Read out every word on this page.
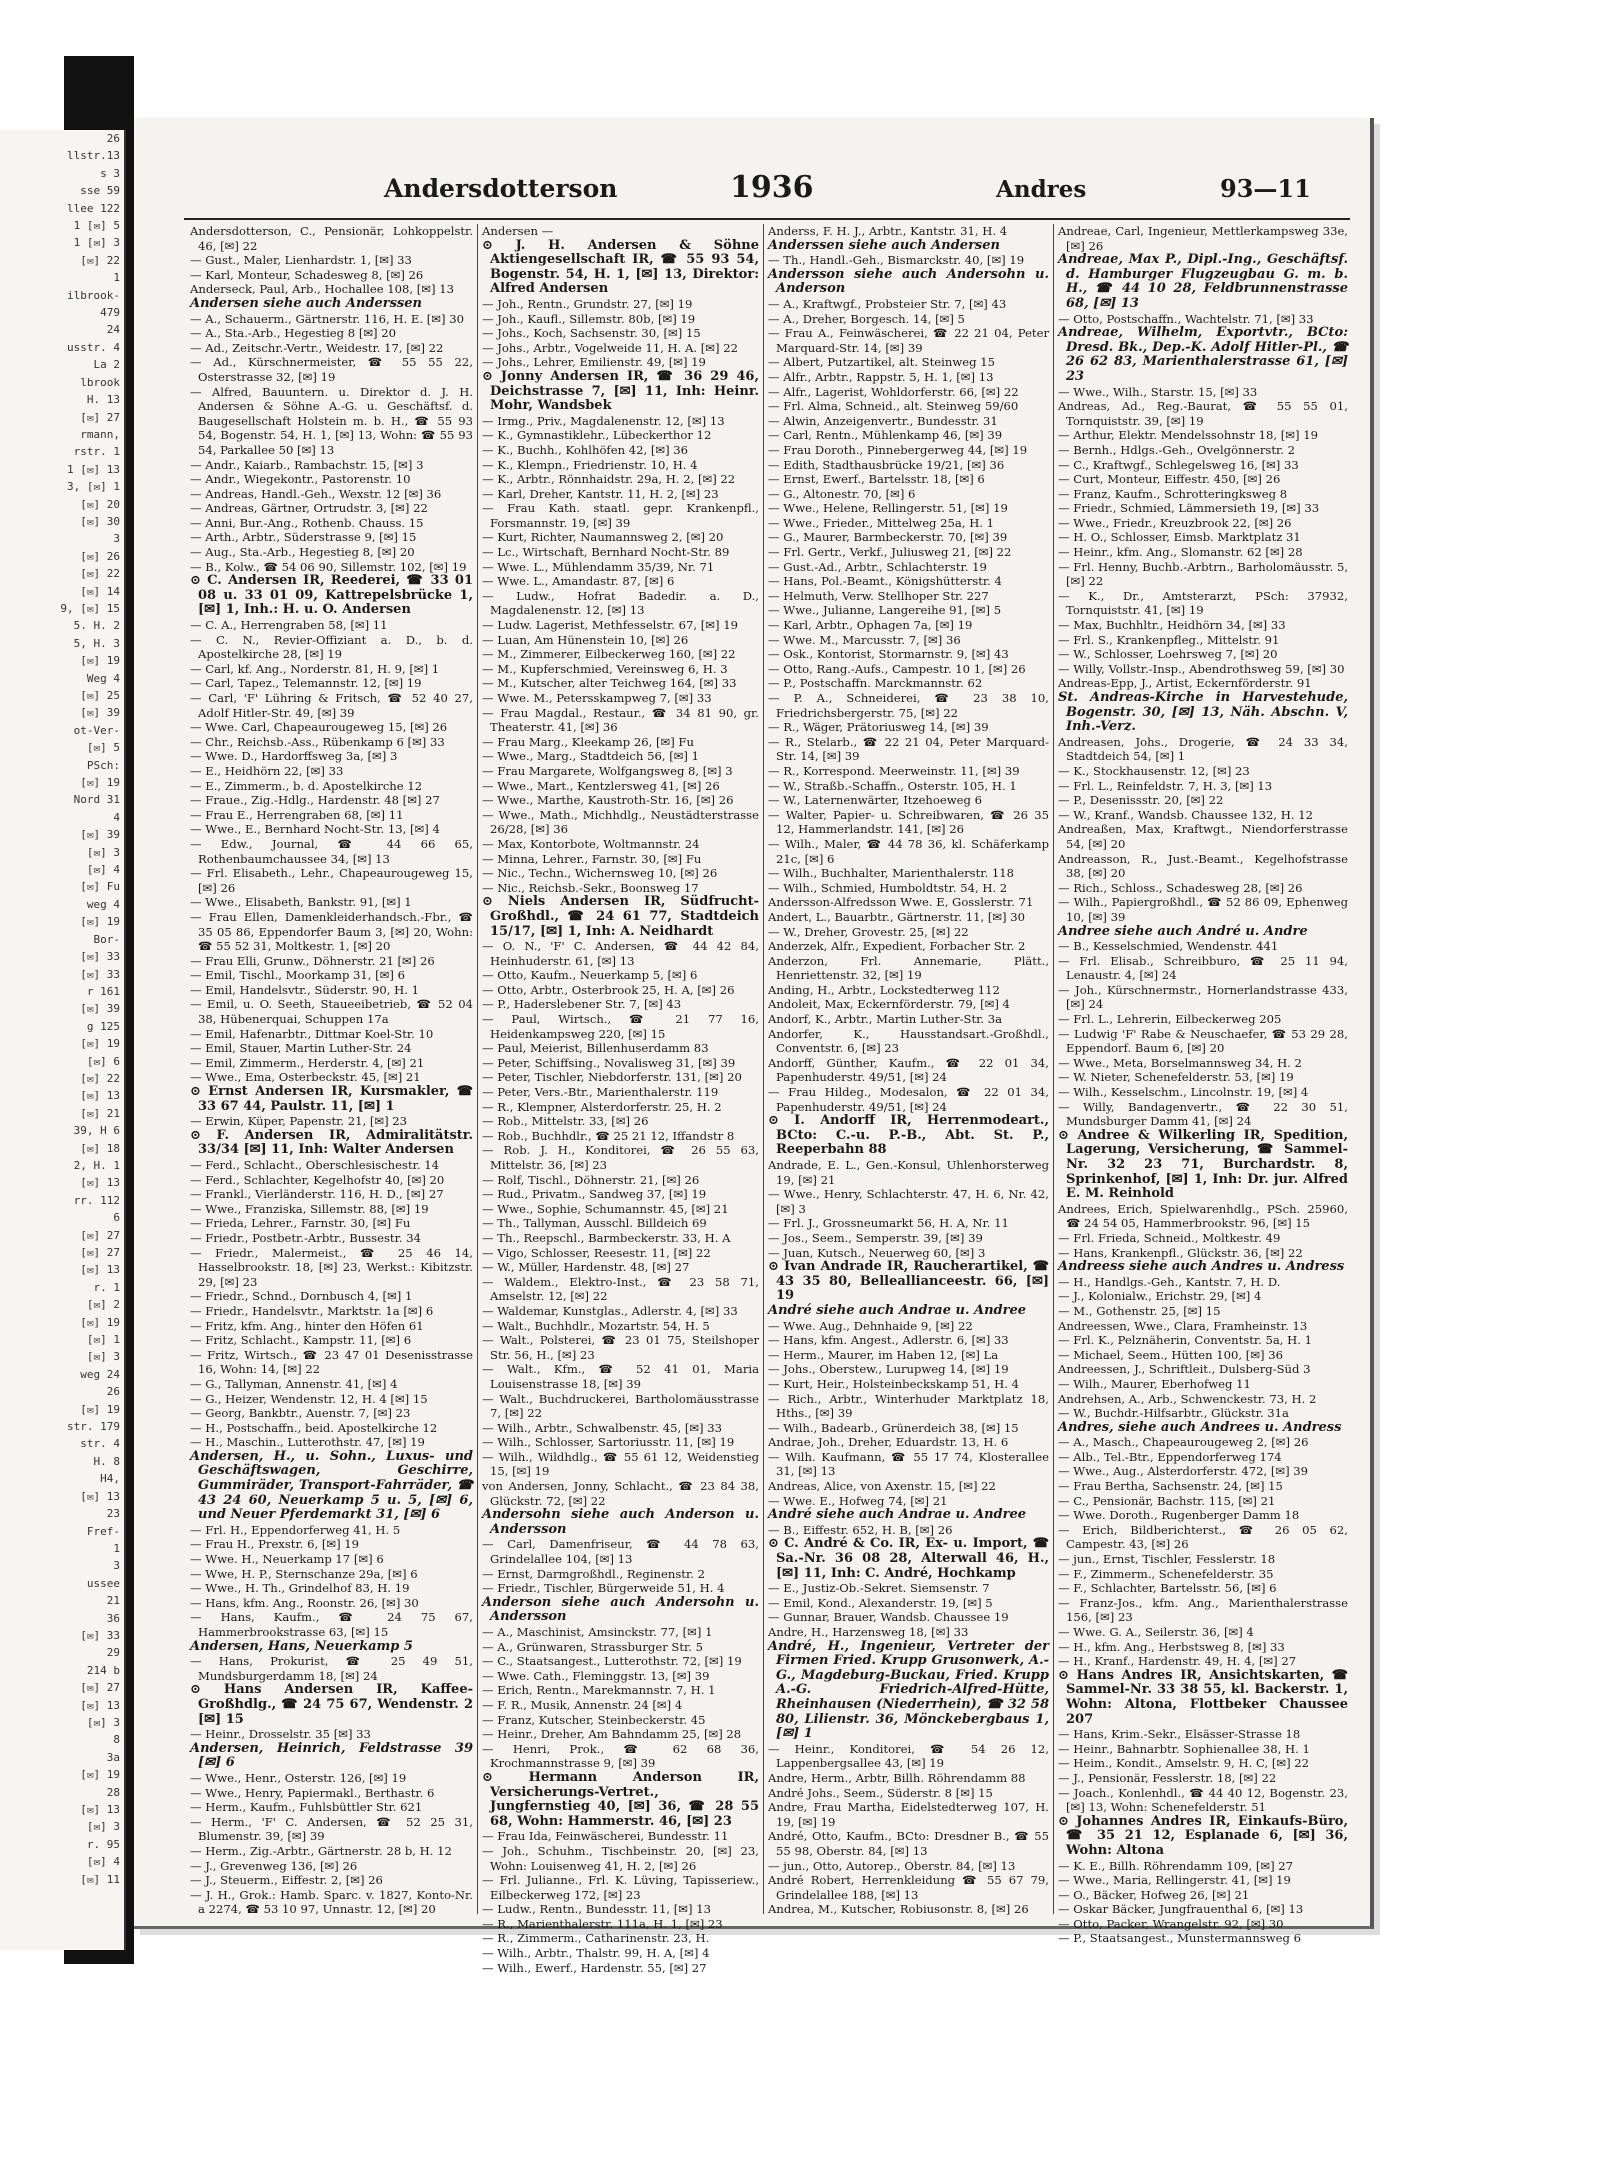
26
llstr.13
s 3
sse 59
llee 122
1 [✉] 5
1 [✉] 3
[✉] 22
1
ilbrook-
479
24
usstr. 4
La 2
lbrook
H. 13
[✉] 27
rmann,
rstr. 1
1 [✉] 13
3, [✉] 1
[✉] 20
[✉] 30
3
[✉] 26
[✉] 22
[✉] 14
9, [✉] 15
5. H. 2
5, H. 3
[✉] 19
Weg 4
[✉] 25
[✉] 39
ot-Ver-
[✉] 5
PSch:
[✉] 19
Nord 31
4
[✉] 39
[✉] 3
[✉] 4
[✉] Fu
weg 4
[✉] 19
Bor-
[✉] 33
[✉] 33
r 161
[✉] 39
g 125
[✉] 19
[✉] 6
[✉] 22
[✉] 13
[✉] 21
39, H 6
[✉] 18
2, H. 1
[✉] 13
rr. 112
6
[✉] 27
[✉] 27
[✉] 13
r. 1
[✉] 2
[✉] 19
[✉] 1
[✉] 3
weg 24
26
[✉] 19
str. 179
str. 4
H. 8
H4,
[✉] 13
23
Fref-
1
3
ussee
21
36
[✉] 33
29
214 b
[✉] 27
[✉] 13
[✉] 3
8
3a
[✉] 19
28
[✉] 13
[✉] 3
r. 95
[✉] 4
[✉] 11
Andersdotterson	1936	Andres	93—11
Andersdotterson, C., Pensionär, Lohkoppelstr. 46, [✉] 22
— Gust., Maler, Lienhardstr. 1, [✉] 33
— Karl, Monteur, Schadesweg 8, [✉] 26
Anderseck, Paul, Arb., Hochallee 108, [✉] 13
Andersen siehe auch Anderssen
— A., Schauerm., Gärtnerstr. 116, H. E. [✉] 30
— A., Sta.-Arb., Hegestieg 8 [✉] 20
— Ad., Zeitschr.-Vertr., Weidestr. 17, [✉] 22
— Ad., Kürschnermeister, ☎ 55 55 22, Osterstrasse 32, [✉] 19
— Alfred, Bauuntern. u. Direktor d. J. H. Andersen & Söhne A.-G. u. Geschäftsf. d. Baugesellschaft Holstein m. b. H., ☎ 55 93 54, Bogenstr. 54, H. 1, [✉] 13, Wohn: ☎ 55 93 54, Parkallee 50 [✉] 13
— Andr., Kaiarb., Rambachstr. 15, [✉] 3
— Andr., Wiegekontr., Pastorenstr. 10
— Andreas, Handl.-Geh., Wexstr. 12 [✉] 36
— Andreas, Gärtner, Ortrudstr. 3, [✉] 22
— Anni, Bur.-Ang., Rothenb. Chauss. 15
— Arth., Arbtr., Süderstrasse 9, [✉] 15
— Aug., Sta.-Arb., Hegestieg 8, [✉] 20
— B., Kolw., ☎ 54 06 90, Sillemstr. 102, [✉] 19
⊙ C. Andersen IR, Reederei, ☎ 33 01 08 u. 33 01 09, Kattrepelsbrücke 1, [✉] 1, Inh.: H. u. O. Andersen
— C. A., Herrengraben 58, [✉] 11
— C. N., Revier-Offiziant a. D., b. d. Apostelkirche 28, [✉] 19
— Carl, kf. Ang., Norderstr. 81, H. 9, [✉] 1
— Carl, Tapez., Telemannstr. 12, [✉] 19
— Carl, 'F' Lühring & Fritsch, ☎ 52 40 27, Adolf Hitler-Str. 49, [✉] 39
— Wwe. Carl, Chapeaurougeweg 15, [✉] 26
— Chr., Reichsb.-Ass., Rübenkamp 6 [✉] 33
— Wwe. D., Hardorffsweg 3a, [✉] 3
— E., Heidhörn 22, [✉] 33
— E., Zimmerm., b. d. Apostelkirche 12
— Fraue., Zig.-Hdlg., Hardenstr. 48 [✉] 27
— Frau E., Herrengraben 68, [✉] 11
— Wwe., E., Bernhard Nocht-Str. 13, [✉] 4
— Edw., Journal, ☎ 44 66 65, Rothenbaumchaussee 34, [✉] 13
— Frl. Elisabeth., Lehr., Chapeaurougeweg 15, [✉] 26
— Wwe., Elisabeth, Bankstr. 91, [✉] 1
— Frau Ellen, Damenkleiderhandsch.-Fbr., ☎ 35 05 86, Eppendorfer Baum 3, [✉] 20, Wohn: ☎ 55 52 31, Moltkestr. 1, [✉] 20
— Frau Elli, Grunw., Döhnerstr. 21 [✉] 26
— Emil, Tischl., Moorkamp 31, [✉] 6
— Emil, Handelsvtr., Süderstr. 90, H. 1
— Emil, u. O. Seeth, Staueeibetrieb, ☎ 52 04 38, Hübenerquai, Schuppen 17a
— Emil, Hafenarbtr., Dittmar Koel-Str. 10
— Emil, Stauer, Martin Luther-Str. 24
— Emil, Zimmerm., Herderstr. 4, [✉] 21
— Wwe., Ema, Osterbeckstr. 45, [✉] 21
⊙ Ernst Andersen IR, Kursmakler, ☎ 33 67 44, Paulstr. 11, [✉] 1
— Erwin, Küper, Papenstr. 21, [✉] 23
⊙ F. Andersen IR, Admiralitätstr. 33/34 [✉] 11, Inh: Walter Andersen
— Ferd., Schlacht., Oberschlesischestr. 14
— Ferd., Schlachter, Kegelhofstr 40, [✉] 20
— Frankl., Vierländerstr. 116, H. D., [✉] 27
— Wwe., Franziska, Sillemstr. 88, [✉] 19
— Frieda, Lehrer., Farnstr. 30, [✉] Fu
— Friedr., Postbetr.-Arbtr., Bussestr. 34
— Friedr., Malermeist., ☎ 25 46 14, Hasselbrookstr. 18, [✉] 23, Werkst.: Kibitzstr. 29, [✉] 23
— Friedr., Schnd., Dornbusch 4, [✉] 1
— Friedr., Handelsvtr., Marktstr. 1a [✉] 6
— Fritz, kfm. Ang., hinter den Höfen 61
— Fritz, Schlacht., Kampstr. 11, [✉] 6
— Fritz, Wirtsch., ☎ 23 47 01 Desenisstrasse 16, Wohn: 14, [✉] 22
— G., Tallyman, Annenstr. 41, [✉] 4
— G., Heizer, Wendenstr. 12, H. 4 [✉] 15
— Georg, Bankbtr., Auenstr. 7, [✉] 23
— H., Postschaffn., beid. Apostelkirche 12
— H., Maschin., Lutterothstr. 47, [✉] 19
Andersen, H., u. Sohn., Luxus- und Geschäftswagen, Geschirre, Gummiräder, Transport-Fahrräder, ☎ 43 24 60, Neuerkamp 5 u. 5, [✉] 6, und Neuer Pferdemarkt 31, [✉] 6
— Frl. H., Eppendorferweg 41, H. 5
— Frau H., Prexstr. 6, [✉] 19
— Wwe. H., Neuerkamp 17 [✉] 6
— Wwe, H. P., Sternschanze 29a, [✉] 6
— Wwe., H. Th., Grindelhof 83, H. 19
— Hans, kfm. Ang., Roonstr. 26, [✉] 30
— Hans, Kaufm., ☎ 24 75 67, Hammerbrookstrasse 63, [✉] 15
Andersen, Hans, Neuerkamp 5
— Hans, Prokurist, ☎ 25 49 51, Mundsburgerdamm 18, [✉] 24
⊙ Hans Andersen IR, Kaffee-Großhdlg., ☎ 24 75 67, Wendenstr. 2 [✉] 15
— Heinr., Drosselstr. 35 [✉] 33
Andersen, Heinrich, Feldstrasse 39 [✉] 6
— Wwe., Henr., Osterstr. 126, [✉] 19
— Wwe., Henry, Papiermakl., Berthastr. 6
— Herm., Kaufm., Fuhlsbüttler Str. 621
— Herm., 'F' C. Andersen, ☎ 52 25 31, Blumenstr. 39, [✉] 39
— Herm., Zig.-Arbtr., Gärtnerstr. 28 b, H. 12
— J., Grevenweg 136, [✉] 26
— J., Steuerm., Eiffestr. 2, [✉] 26
— J. H., Grok.: Hamb. Sparc. v. 1827, Konto-Nr. a 2274, ☎ 53 10 97, Unnastr. 12, [✉] 20
Andersen —
⊙ J. H. Andersen & Söhne Aktiengesellschaft IR, ☎ 55 93 54, Bogenstr. 54, H. 1, [✉] 13, Direktor: Alfred Andersen
— Joh., Rentn., Grundstr. 27, [✉] 19
— Joh., Kaufl., Sillemstr. 80b, [✉] 19
— Johs., Koch, Sachsenstr. 30, [✉] 15
— Johs., Arbtr., Vogelweide 11, H. A. [✉] 22
— Johs., Lehrer, Emilienstr. 49, [✉] 19
⊙ Jonny Andersen IR, ☎ 36 29 46, Deichstrasse 7, [✉] 11, Inh: Heinr. Mohr, Wandsbek
— Irmg., Priv., Magdalenenstr. 12, [✉] 13
— K., Gymnastiklehr., Lübeckerthor 12
— K., Buchh., Kohlhöfen 42, [✉] 36
— K., Klempn., Friedrienstr. 10, H. 4
— K., Arbtr., Rönnhaidstr. 29a, H. 2, [✉] 22
— Karl, Dreher, Kantstr. 11, H. 2, [✉] 23
— Frau Kath. staatl. gepr. Krankenpfl., Forsmannstr. 19, [✉] 39
— Kurt, Richter, Naumannsweg 2, [✉] 20
— Lc., Wirtschaft, Bernhard Nocht-Str. 89
— Wwe. L., Mühlendamm 35/39, Nr. 71
— Wwe. L., Amandastr. 87, [✉] 6
— Ludw., Hofrat Badedir. a. D., Magdalenenstr. 12, [✉] 13
— Ludw. Lagerist, Methfesselstr. 67, [✉] 19
— Luan, Am Hünenstein 10, [✉] 26
— M., Zimmerer, Eilbeckerweg 160, [✉] 22
— M., Kupferschmied, Vereinsweg 6, H. 3
— M., Kutscher, alter Teichweg 164, [✉] 33
— Wwe. M., Petersskampweg 7, [✉] 33
— Frau Magdal., Restaur., ☎ 34 81 90, gr. Theaterstr. 41, [✉] 36
— Frau Marg., Kleekamp 26, [✉] Fu
— Wwe., Marg., Stadtdeich 56, [✉] 1
— Frau Margarete, Wolfgangsweg 8, [✉] 3
— Wwe., Mart., Kentzlersweg 41, [✉] 26
— Wwe., Marthe, Kaustroth-Str. 16, [✉] 26
— Wwe., Math., Michhdlg., Neustädterstrasse 26/28, [✉] 36
— Max, Kontorbote, Woltmannstr. 24
— Minna, Lehrer., Farnstr. 30, [✉] Fu
— Nic., Techn., Wichernsweg 10, [✉] 26
— Nic., Reichsb.-Sekr., Boonsweg 17
⊙ Niels Andersen IR, Südfrucht-Großhdl., ☎ 24 61 77, Stadtdeich 15/17, [✉] 1, Inh: A. Neidhardt
— O. N., 'F' C. Andersen, ☎ 44 42 84, Heinhuderstr. 61, [✉] 13
— Otto, Kaufm., Neuerkamp 5, [✉] 6
— Otto, Arbtr., Osterbrook 25, H. A, [✉] 26
— P., Haderslebener Str. 7, [✉] 43
— Paul, Wirtsch., ☎ 21 77 16, Heidenkampsweg 220, [✉] 15
— Paul, Meierist, Billenhuserdamm 83
— Peter, Schiffsing., Novalisweg 31, [✉] 39
— Peter, Tischler, Niebdorferstr. 131, [✉] 20
— Peter, Vers.-Btr., Marienthalerstr. 119
— R., Klempner, Alsterdorferstr. 25, H. 2
— Rob., Mittelstr. 33, [✉] 26
— Rob., Buchhdlr., ☎ 25 21 12, Iffandstr 8
— Rob. J. H., Konditorei, ☎ 26 55 63, Mittelstr. 36, [✉] 23
— Rolf, Tischl., Döhnerstr. 21, [✉] 26
— Rud., Privatm., Sandweg 37, [✉] 19
— Wwe., Sophie, Schumannstr. 45, [✉] 21
— Th., Tallyman, Ausschl. Billdeich 69
— Th., Reepschl., Barmbeckerstr. 33, H. A
— Vigo, Schlosser, Reesestr. 11, [✉] 22
— W., Müller, Hardenstr. 48, [✉] 27
— Waldem., Elektro-Inst., ☎ 23 58 71, Amselstr. 12, [✉] 22
— Waldemar, Kunstglas., Adlerstr. 4, [✉] 33
— Walt., Buchhdlr., Mozartstr. 54, H. 5
— Walt., Polsterei, ☎ 23 01 75, Steilshoper Str. 56, H., [✉] 23
— Walt., Kfm., ☎ 52 41 01, Maria Louisenstrasse 18, [✉] 39
— Walt., Buchdruckerei, Bartholomäusstrasse 7, [✉] 22
— Wilh., Arbtr., Schwalbenstr. 45, [✉] 33
— Wilh., Schlosser, Sartoriusstr. 11, [✉] 19
— Wilh., Wildhdlg., ☎ 55 61 12, Weidenstieg 15, [✉] 19
von Andersen, Jonny, Schlacht., ☎ 23 84 38, Glückstr. 72, [✉] 22
Andersohn siehe auch Anderson u. Andersson
— Carl, Damenfriseur, ☎ 44 78 63, Grindelallee 104, [✉] 13
— Ernst, Darmgroßhdl., Reginenstr. 2
— Friedr., Tischler, Bürgerweide 51, H. 4
Anderson siehe auch Andersohn u. Andersson
— A., Maschinist, Amsinckstr. 77, [✉] 1
— A., Grünwaren, Strassburger Str. 5
— C., Staatsangest., Lutterothstr. 72, [✉] 19
— Wwe. Cath., Fleminggstr. 13, [✉] 39
— Erich, Rentn., Marekmannstr. 7, H. 1
— F. R., Musik, Annenstr. 24 [✉] 4
— Franz, Kutscher, Steinbeckerstr. 45
— Heinr., Dreher, Am Bahndamm 25, [✉] 28
— Henri, Prok., ☎ 62 68 36, Krochmannstrasse 9, [✉] 39
⊙ Hermann Anderson IR, Versicherungs-Vertret., Jungfernstieg 40, [✉] 36, ☎ 28 55 68, Wohn: Hammerstr. 46, [✉] 23
— Frau Ida, Feinwäscherei, Bundesstr. 11
— Joh., Schuhm., Tischbeinstr. 20, [✉] 23, Wohn: Louisenweg 41, H. 2, [✉] 26
— Frl. Julianne., Frl. K. Lüving, Tapisseriew., Eilbeckerweg 172, [✉] 23
— Ludw., Rentn., Bundesstr. 11, [✉] 13
— R., Marienthalerstr. 111a, H. 1, [✉] 23
— R., Zimmerm., Catharinenstr. 23, H.
— Wilh., Arbtr., Thalstr. 99, H. A, [✉] 4
— Wilh., Ewerf., Hardenstr. 55, [✉] 27
Anderss, F. H. J., Arbtr., Kantstr. 31, H. 4
Anderssen siehe auch Andersen
— Th., Handl.-Geh., Bismarckstr. 40, [✉] 19
Andersson siehe auch Andersohn u. Anderson
— A., Kraftwgf., Probsteier Str. 7, [✉] 43
— A., Dreher, Borgesch. 14, [✉] 5
— Frau A., Feinwäscherei, ☎ 22 21 04, Peter Marquard-Str. 14, [✉] 39
— Albert, Putzartikel, alt. Steinweg 15
— Alfr., Arbtr., Rappstr. 5, H. 1, [✉] 13
— Alfr., Lagerist, Wohldorferstr. 66, [✉] 22
— Frl. Alma, Schneid., alt. Steinweg 59/60
— Alwin, Anzeigenvertr., Bundesstr. 31
— Carl, Rentn., Mühlenkamp 46, [✉] 39
— Frau Doroth., Pinnebergerweg 44, [✉] 19
— Edith, Stadthausbrücke 19/21, [✉] 36
— Ernst, Ewerf., Bartelsstr. 18, [✉] 6
— G., Altonestr. 70, [✉] 6
— Wwe., Helene, Rellingerstr. 51, [✉] 19
— Wwe., Frieder., Mittelweg 25a, H. 1
— G., Maurer, Barmbeckerstr. 70, [✉] 39
— Frl. Gertr., Verkf., Juliusweg 21, [✉] 22
— Gust.-Ad., Arbtr., Schlachterstr. 19
— Hans, Pol.-Beamt., Königshütterstr. 4
— Helmuth, Verw. Stellhoper Str. 227
— Wwe., Julianne, Langereihe 91, [✉] 5
— Karl, Arbtr., Ophagen 7a, [✉] 19
— Wwe. M., Marcusstr. 7, [✉] 36
— Osk., Kontorist, Stormarnstr. 9, [✉] 43
— Otto, Rang.-Aufs., Campestr. 10 1, [✉] 26
— P., Postschaffn. Marckmannstr. 62
— P. A., Schneiderei, ☎ 23 38 10, Friedrichsbergerstr. 75, [✉] 22
— R., Wäger, Prätoriusweg 14, [✉] 39
— R., Stelarb., ☎ 22 21 04, Peter Marquard-Str. 14, [✉] 39
— R., Korrespond. Meerweinstr. 11, [✉] 39
— W., Straßb.-Schaffn., Osterstr. 105, H. 1
— W., Laternenwärter, Itzehoeweg 6
— Walter, Papier- u. Schreibwaren, ☎ 26 35 12, Hammerlandstr. 141, [✉] 26
— Wilh., Maler, ☎ 44 78 36, kl. Schäferkamp 21c, [✉] 6
— Wilh., Buchhalter, Marienthalerstr. 118
— Wilh., Schmied, Humboldtstr. 54, H. 2
Andersson-Alfredsson Wwe. E, Gosslerstr. 71
Andert, L., Bauarbtr., Gärtnerstr. 11, [✉] 30
— W., Dreher, Grovestr. 25, [✉] 22
Anderzek, Alfr., Expedient, Forbacher Str. 2
Anderzon, Frl. Annemarie, Plätt., Henriettenstr. 32, [✉] 19
Anding, H., Arbtr., Lockstedterweg 112
Andoleit, Max, Eckernförderstr. 79, [✉] 4
Andorf, K., Arbtr., Martin Luther-Str. 3a
Andorfer, K., Hausstandsart.-Großhdl., Conventstr. 6, [✉] 23
Andorff, Günther, Kaufm., ☎ 22 01 34, Papenhuderstr. 49/51, [✉] 24
— Frau Hildeg., Modesalon, ☎ 22 01 34, Papenhuderstr. 49/51, [✉] 24
⊙ I. Andorff IR, Herrenmodeart., BCto: C.-u. P.-B., Abt. St. P., Reeperbahn 88
Andrade, E. L., Gen.-Konsul, Uhlenhorsterweg 19, [✉] 21
— Wwe., Henry, Schlachterstr. 47, H. 6, Nr. 42, [✉] 3
— Frl. J., Grossneumarkt 56, H. A, Nr. 11
— Jos., Seem., Semperstr. 39, [✉] 39
— Juan, Kutsch., Neuerweg 60, [✉] 3
⊙ Ivan Andrade IR, Raucherartikel, ☎ 43 35 80, Belleallianceestr. 66, [✉] 19
André siehe auch Andrae u. Andree
— Wwe. Aug., Dehnhaide 9, [✉] 22
— Hans, kfm. Angest., Adlerstr. 6, [✉] 33
— Herm., Maurer, im Haben 12, [✉] La
— Johs., Oberstew., Lurupweg 14, [✉] 19
— Kurt, Heir., Holsteinbeckskamp 51, H. 4
— Rich., Arbtr., Winterhuder Marktplatz 18, Hths., [✉] 39
— Wilh., Badearb., Grünerdeich 38, [✉] 15
Andrae, Joh., Dreher, Eduardstr. 13, H. 6
— Wilh. Kaufmann, ☎ 55 17 74, Klosterallee 31, [✉] 13
Andreas, Alice, von Axenstr. 15, [✉] 22
— Wwe. E., Hofweg 74, [✉] 21
André siehe auch Andrae u. Andree
— B., Eiffestr. 652, H. B, [✉] 26
⊙ C. André & Co. IR, Ex- u. Import, ☎ Sa.-Nr. 36 08 28, Alterwall 46, H., [✉] 11, Inh: C. André, Hochkamp
— E., Justiz-Ob.-Sekret. Siemsenstr. 7
— Emil, Kond., Alexanderstr. 19, [✉] 5
— Gunnar, Brauer, Wandsb. Chaussee 19
Andre, H., Harzensweg 18, [✉] 33
André, H., Ingenieur, Vertreter der Firmen Fried. Krupp Grusonwerk, A.-G., Magdeburg-Buckau, Fried. Krupp A.-G. Friedrich-Alfred-Hütte, Rheinhausen (Niederrhein), ☎ 32 58 80, Lilienstr. 36, Mönckebergbaus 1, [✉] 1
— Heinr., Konditorei, ☎ 54 26 12, Lappenbergsallee 43, [✉] 19
Andre, Herm., Arbtr, Billh. Röhrendamm 88
André Johs., Seem., Süderstr. 8 [✉] 15
Andre, Frau Martha, Eidelstedterweg 107, H. 19, [✉] 19
André, Otto, Kaufm., BCto: Dresdner B., ☎ 55 55 98, Oberstr. 84, [✉] 13
— jun., Otto, Autorep., Oberstr. 84, [✉] 13
André Robert, Herrenkleidung ☎ 55 67 79, Grindelallee 188, [✉] 13
Andrea, M., Kutscher, Robiusonstr. 8, [✉] 26
Andreae, Carl, Ingenieur, Mettlerkampsweg 33e, [✉] 26
Andreae, Max P., Dipl.-Ing., Geschäftsf. d. Hamburger Flugzeugbau G. m. b. H., ☎ 44 10 28, Feldbrunnenstrasse 68, [✉] 13
— Otto, Postschaffn., Wachtelstr. 71, [✉] 33
Andreae, Wilhelm, Exportvtr., BCto: Dresd. Bk., Dep.-K. Adolf Hitler-Pl., ☎ 26 62 83, Marienthalerstrasse 61, [✉] 23
— Wwe., Wilh., Starstr. 15, [✉] 33
Andreas, Ad., Reg.-Baurat, ☎ 55 55 01, Tornquiststr. 39, [✉] 19
— Arthur, Elektr. Mendelssohnstr 18, [✉] 19
— Bernh., Hdlgs.-Geh., Ovelgönnerstr. 2
— C., Kraftwgf., Schlegelsweg 16, [✉] 33
— Curt, Monteur, Eiffestr. 450, [✉] 26
— Franz, Kaufm., Schrotteringksweg 8
— Friedr., Schmied, Lämmersieth 19, [✉] 33
— Wwe., Friedr., Kreuzbrook 22, [✉] 26
— H. O., Schlosser, Eimsb. Marktplatz 31
— Heinr., kfm. Ang., Slomanstr. 62 [✉] 28
— Frl. Henny, Buchb.-Arbtrn., Barholomäusstr. 5, [✉] 22
— K., Dr., Amtsterarzt, PSch: 37932, Tornquiststr. 41, [✉] 19
— Max, Buchhltr., Heidhörn 34, [✉] 33
— Frl. S., Krankenpfleg., Mittelstr. 91
— W., Schlosser, Loehrsweg 7, [✉] 20
— Willy, Vollstr.-Insp., Abendrothsweg 59, [✉] 30
Andreas-Epp, J., Artist, Eckernförderstr. 91
St. Andreas-Kirche in Harvestehude, Bogenstr. 30, [✉] 13, Näh. Abschn. V, Inh.-Verz.
Andreasen, Johs., Drogerie, ☎ 24 33 34, Stadtdeich 54, [✉] 1
— K., Stockhausenstr. 12, [✉] 23
— Frl. L., Reinfeldstr. 7, H. 3, [✉] 13
— P., Desenissstr. 20, [✉] 22
— W., Kranf., Wandsb. Chaussee 132, H. 12
Andreaßen, Max, Kraftwgt., Niendorferstrasse 54, [✉] 20
Andreasson, R., Just.-Beamt., Kegelhofstrasse 38, [✉] 20
— Rich., Schloss., Schadesweg 28, [✉] 26
— Wilh., Papiergroßhdl., ☎ 52 86 09, Ephenweg 10, [✉] 39
Andree siehe auch André u. Andre
— B., Kesselschmied, Wendenstr. 441
— Frl. Elisab., Schreibburo, ☎ 25 11 94, Lenaustr. 4, [✉] 24
— Joh., Kürschnermstr., Hornerlandstrasse 433, [✉] 24
— Frl. L., Lehrerin, Eilbeckerweg 205
— Ludwig 'F' Rabe & Neuschaefer, ☎ 53 29 28, Eppendorf. Baum 6, [✉] 20
— Wwe., Meta, Borselmannsweg 34, H. 2
— W. Nieter, Schenefelderstr. 53, [✉] 19
— Wilh., Kesselschm., Lincolnstr. 19, [✉] 4
— Willy, Bandagenvertr., ☎ 22 30 51, Mundsburger Damm 41, [✉] 24
⊙ Andree & Wilkerling IR, Spedition, Lagerung, Versicherung, ☎ Sammel-Nr. 32 23 71, Burchardstr. 8, Sprinkenhof, [✉] 1, Inh: Dr. jur. Alfred E. M. Reinhold
Andrees, Erich, Spielwarenhdlg., PSch. 25960, ☎ 24 54 05, Hammerbrookstr. 96, [✉] 15
— Frl. Frieda, Schneid., Moltkestr. 49
— Hans, Krankenpfl., Glückstr. 36, [✉] 22
Andreess siehe auch Andres u. Andress
— H., Handlgs.-Geh., Kantstr. 7, H. D.
— J., Kolonialw., Erichstr. 29, [✉] 4
— M., Gothenstr. 25, [✉] 15
Andreessen, Wwe., Clara, Framheinstr. 13
— Frl. K., Pelznäherin, Conventstr. 5a, H. 1
— Michael, Seem., Hütten 100, [✉] 36
Andreessen, J., Schriftleit., Dulsberg-Süd 3
— Wilh., Maurer, Eberhofweg 11
Andrehsen, A., Arb., Schwenckestr. 73, H. 2
— W., Buchdr.-Hilfsarbtr., Glückstr. 31a
Andres, siehe auch Andrees u. Andress
— A., Masch., Chapeaurougeweg 2, [✉] 26
— Alb., Tel.-Btr., Eppendorferweg 174
— Wwe., Aug., Alsterdorferstr. 472, [✉] 39
— Frau Bertha, Sachsenstr. 24, [✉] 15
— C., Pensionär, Bachstr. 115, [✉] 21
— Wwe. Doroth., Rugenberger Damm 18
— Erich, Bildberichterst., ☎ 26 05 62, Campestr. 43, [✉] 26
— jun., Ernst, Tischler, Fesslerstr. 18
— F., Zimmerm., Schenefelderstr. 35
— F., Schlachter, Bartelsstr. 56, [✉] 6
— Franz-Jos., kfm. Ang., Marienthalerstrasse 156, [✉] 23
— Wwe. G. A., Seilerstr. 36, [✉] 4
— H., kfm. Ang., Herbstsweg 8, [✉] 33
— H., Kranf., Hardenstr. 49, H. 4, [✉] 27
⊙ Hans Andres IR, Ansichtskarten, ☎ Sammel-Nr. 33 38 55, kl. Backerstr. 1, Wohn: Altona, Flottbeker Chaussee 207
— Hans, Krim.-Sekr., Elsässer-Strasse 18
— Heinr., Bahnarbtr. Sophienallee 38, H. 1
— Heim., Kondit., Amselstr. 9, H. C, [✉] 22
— J., Pensionär, Fesslerstr. 18, [✉] 22
— Joach., Konlenhdl., ☎ 44 40 12, Bogenstr. 23, [✉] 13, Wohn: Schenefelderstr. 51
⊙ Johannes Andres IR, Einkaufs-Büro, ☎ 35 21 12, Esplanade 6, [✉] 36, Wohn: Altona
— K. E., Billh. Röhrendamm 109, [✉] 27
— Wwe., Maria, Rellingerstr. 41, [✉] 19
— O., Bäcker, Hofweg 26, [✉] 21
— Oskar Bäcker, Jungfrauenthal 6, [✉] 13
— Otto, Packer, Wrangelstr. 92, [✉] 30
— P., Staatsangest., Munstermannsweg 6
